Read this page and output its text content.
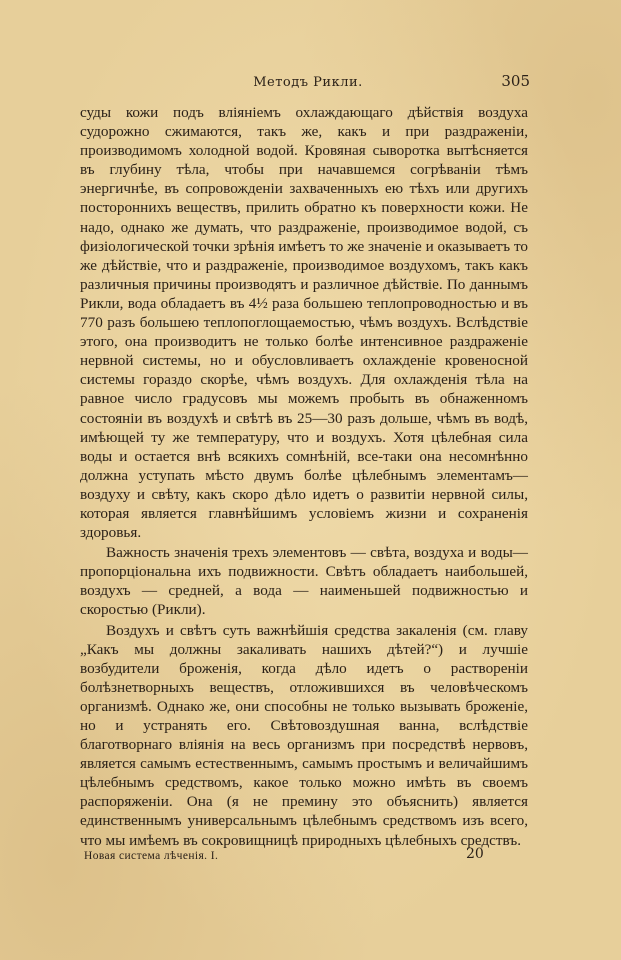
Методъ Рикли.	305

суды кожи подъ вліяніемъ охлаждающаго дѣйствія воздуха судорожно сжимаются, такъ же, какъ и при раздраженіи, производимомъ холодной водой. Кровяная сыворотка вытѣсняется въ глубину тѣла, чтобы при начавшемся согрѣваніи тѣмъ энергичнѣе, въ сопровожденіи захваченныхъ ею тѣхъ или другихъ постороннихъ веществъ, прилить обратно къ поверхности кожи. Не надо, однако же думать, что раздраженіе, производимое водой, съ физіологической точки зрѣнія имѣетъ то же значеніе и оказываетъ то же дѣйствіе, что и раздраженіе, производимое воздухомъ, такъ какъ различныя причины производятъ и различное дѣйствіе. По даннымъ Рикли, вода обладаетъ въ 4½ раза большею теплопроводностью и въ 770 разъ большею теплопоглощаемостью, чѣмъ воздухъ. Вслѣдствіе этого, она производитъ не только болѣе интенсивное раздраженіе нервной системы, но и обусловливаетъ охлажденіе кровеносной системы гораздо скорѣе, чѣмъ воздухъ. Для охлажденія тѣла на равное число градусовъ мы можемъ пробыть въ обнаженномъ состояніи въ воздухѣ и свѣтѣ въ 25—30 разъ дольше, чѣмъ въ водѣ, имѣющей ту же температуру, что и воздухъ. Хотя цѣлебная сила воды и остается внѣ всякихъ сомнѣній, все-таки она несомнѣнно должна уступать мѣсто двумъ болѣе цѣлебнымъ элементамъ—воздуху и свѣту, какъ скоро дѣло идетъ о развитіи нервной силы, которая является главнѣйшимъ условіемъ жизни и сохраненія здоровья.

Важность значенія трехъ элементовъ — свѣта, воздуха и воды—пропорціональна ихъ подвижности. Свѣтъ обладаетъ наибольшей, воздухъ — средней, а вода — наименьшей подвижностью и скоростью (Рикли).

Воздухъ и свѣтъ суть важнѣйшія средства закаленія (см. главу „Какъ мы должны закаливать нашихъ дѣтей?“) и лучшіе возбудители броженія, когда дѣло идетъ о растворенiи болѣзнетворныхъ веществъ, отложившихся въ человѣческомъ организмѣ. Однако же, они способны не только вызывать броженіе, но и устранять его. Свѣтовоздушная ванна, вслѣдствіе благотворнаго вліянія на весь организмъ при посредствѣ нервовъ, является самымъ естественнымъ, самымъ простымъ и величайшимъ цѣлебнымъ средствомъ, какое только можно имѣть въ своемъ распоряженіи. Она (я не премину это объяснить) является единственнымъ универсальнымъ цѣлебнымъ средствомъ изъ всего, что мы имѣемъ въ сокровищницѣ природныхъ цѣлебныхъ средствъ.

Новая система лѣченія. I.	20
